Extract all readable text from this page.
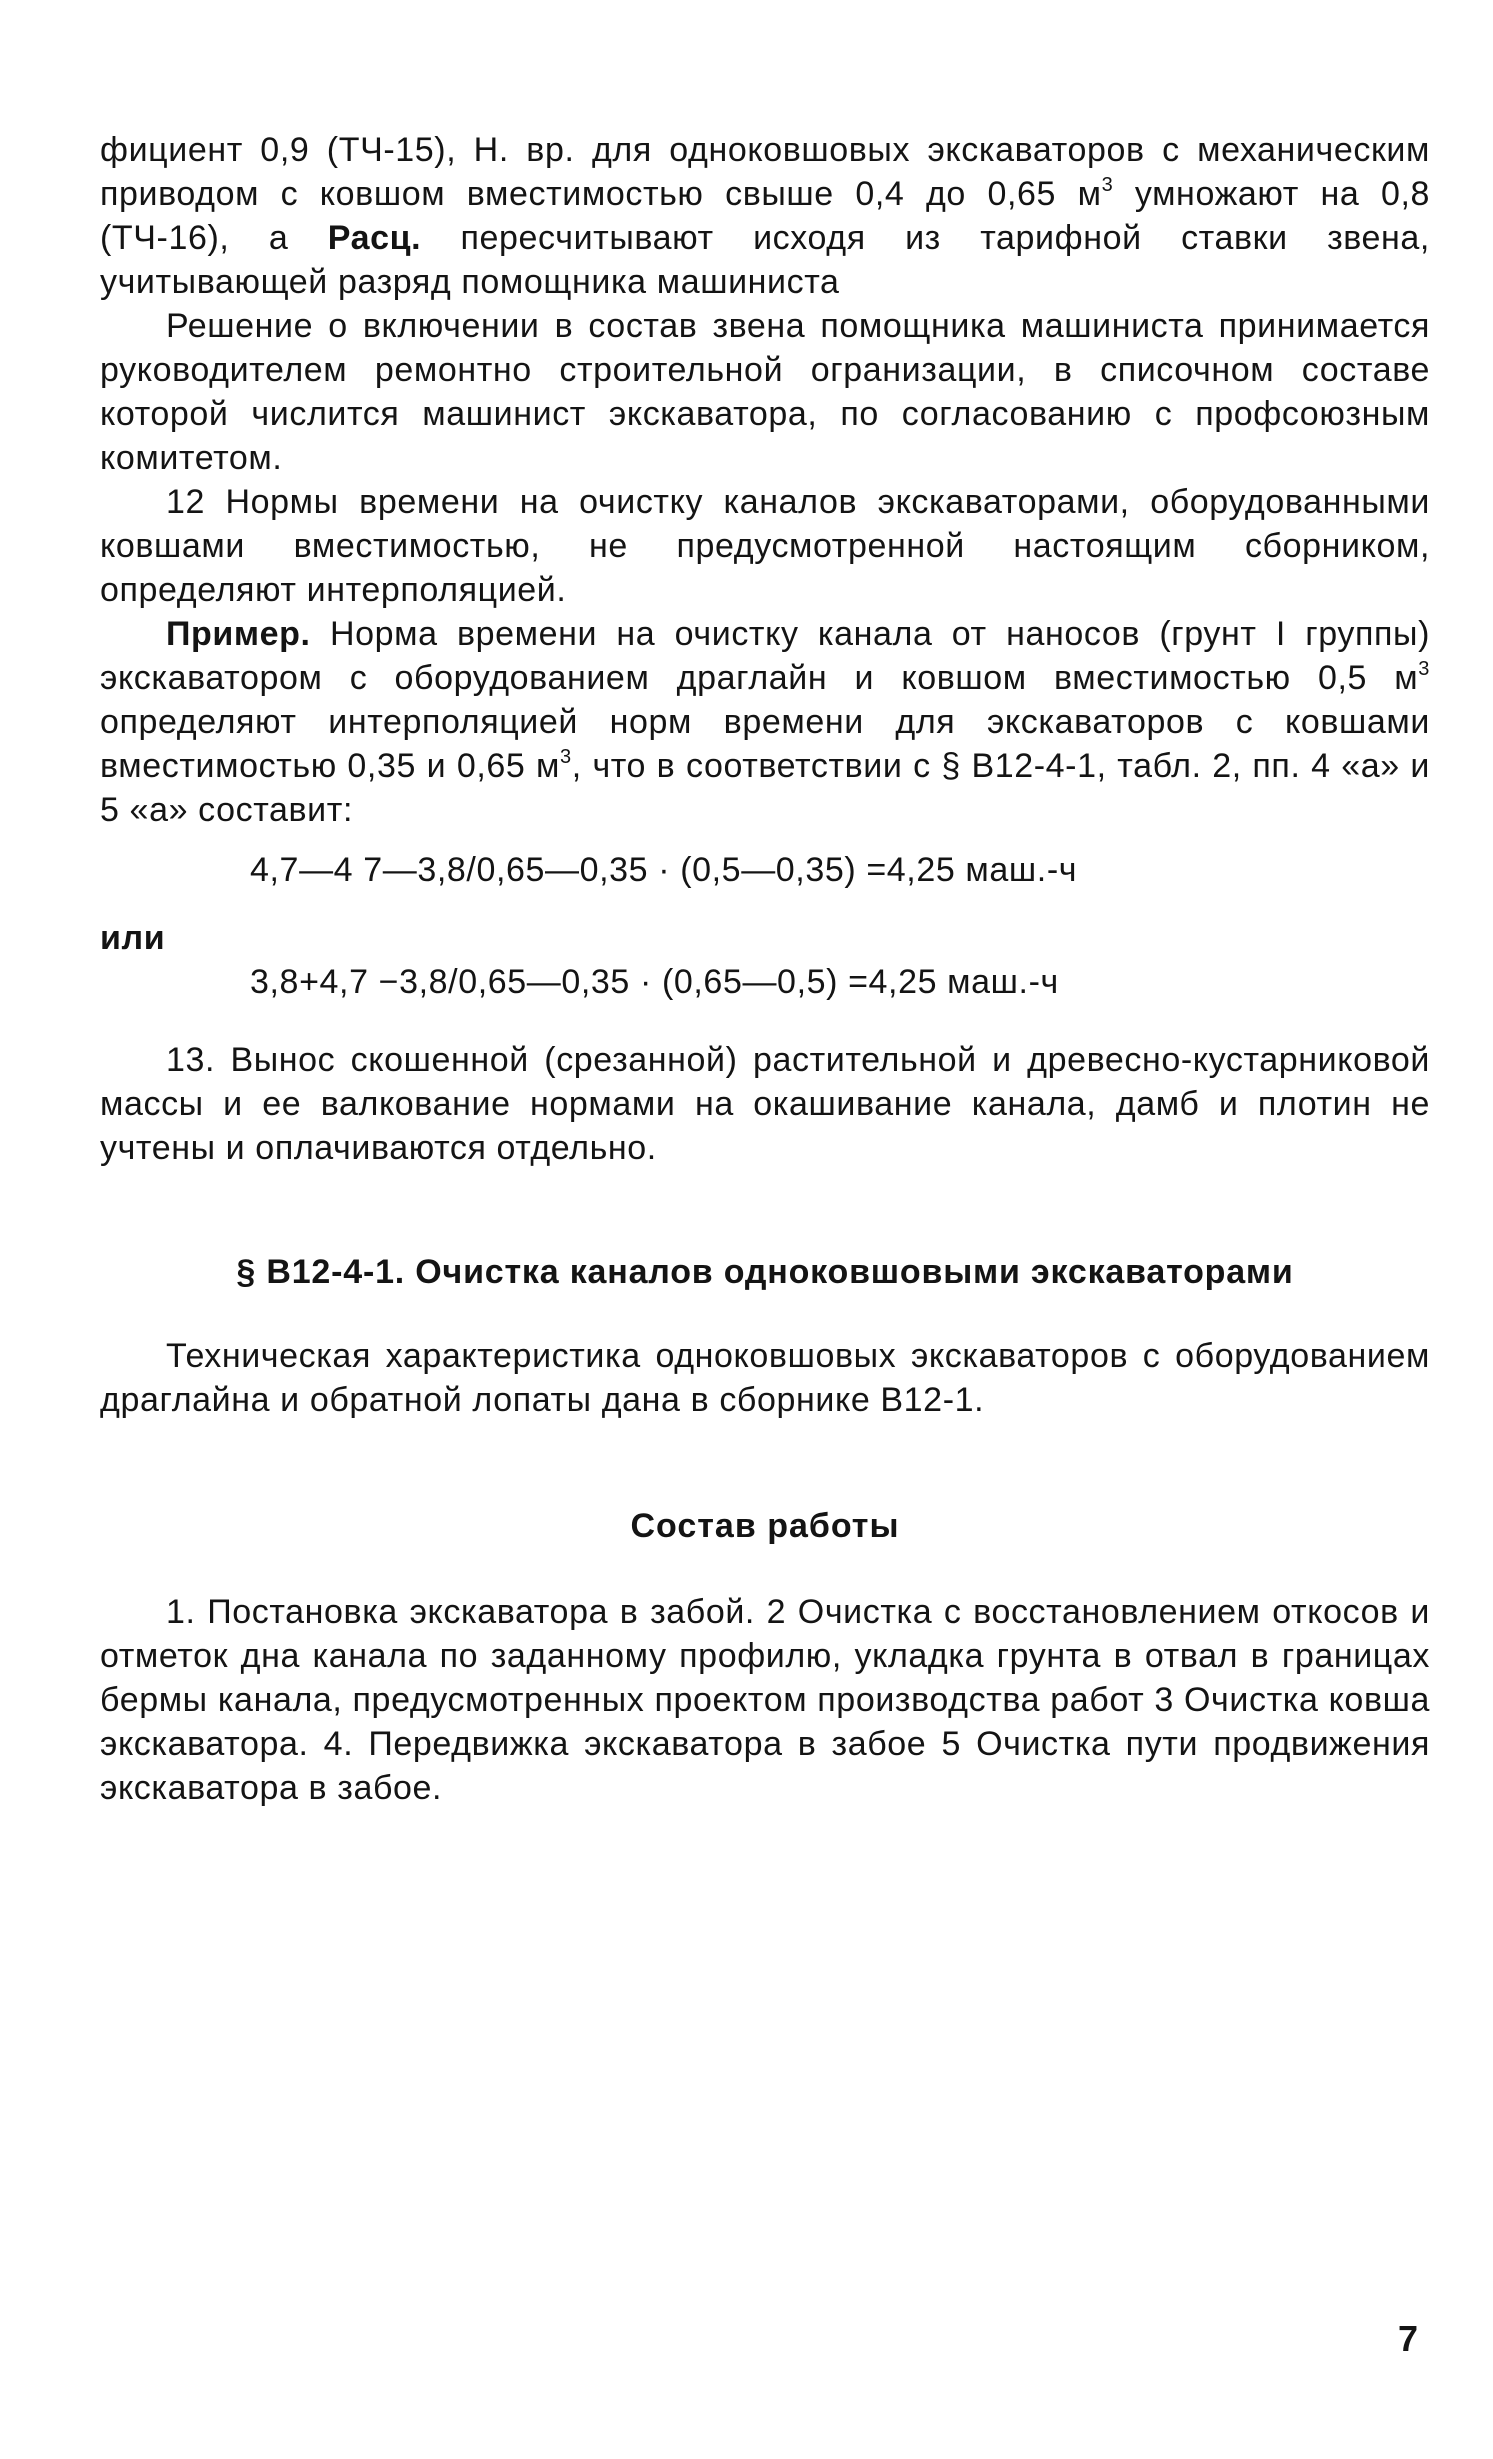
фициент 0,9 (ТЧ-15), Н. вр. для одноковшовых экскаваторов с механическим приводом с ковшом вместимостью свыше 0,4 до 0,65 $м^3$ умножают на 0,8 (ТЧ-16), а Расц. пересчитывают исходя из тарифной ставки звена, учитывающей разряд помощника машиниста

Решение о включении в состав звена помощника машиниста принимается руководителем ремонтно строительной огранизации, в списочном составе которой числится машинист экскаватора, по согласованию с профсоюзным комитетом.

12 Нормы времени на очистку каналов экскаваторами, оборудованными ковшами вместимостью, не предусмотренной настоящим сборником, определяют интерполяцией.

Пример. Норма времени на очистку канала от наносов (грунт I группы) экскаватором с оборудованием драглайн и ковшом вместимостью 0,5 $м^3$ определяют интерполяцией норм времени для экскаваторов с ковшами вместимостью 0,35 и 0,65 $м^3$, что в соответствии с § В12-4-1, табл. 2, пп. 4 «а» и 5 «а» составит:

4,7—4 7—3,8/0,65—0,35 · (0,5—0,35) =4,25 маш.-ч
или
3,8+4,7 −3,8/0,65—0,35 · (0,65—0,5) =4,25 маш.-ч

13. Вынос скошенной (срезанной) растительной и древесно-кустарниковой массы и ее валкование нормами на окашивание канала, дамб и плотин не учтены и оплачиваются отдельно.

§ В12-4-1. Очистка каналов одноковшовыми экскаваторами

Техническая характеристика одноковшовых экскаваторов с оборудованием драглайна и обратной лопаты дана в сборнике В12-1.

Состав работы

1. Постановка экскаватора в забой. 2 Очистка с восстановлением откосов и отметок дна канала по заданному профилю, укладка грунта в отвал в границах бермы канала, предусмотренных проектом производства работ 3 Очистка ковша экскаватора. 4. Передвижка экскаватора в забое 5 Очистка пути продвижения экскаватора в забое.

7
